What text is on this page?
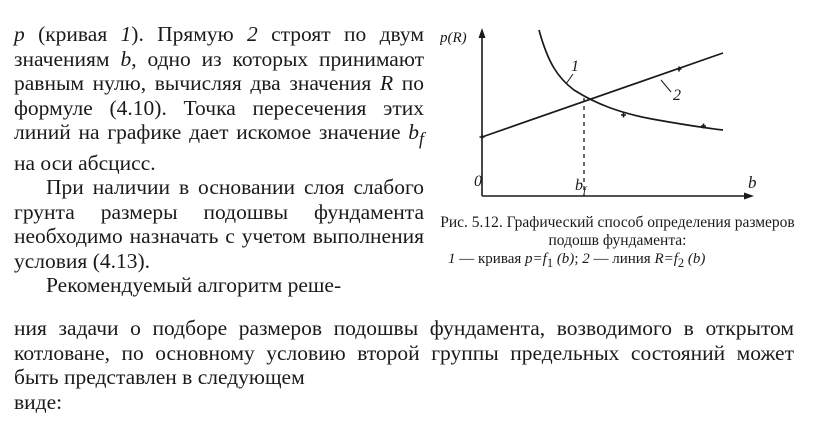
p (кривая 1). Прямую 2 строят по двум значениям b, одно из которых принимают равным нулю, вычисляя два значения R по формуле (4.10). Точка пересечения этих линий на графике дает искомое значение $b_f$ на оси абсцисс.

При наличии в основании слоя слабого грунта размеры подошвы фундамента необходимо назначать с учетом выполнения условия (4.13).

Рекомендуемый алгоритм реше-

p(R)
0	b
1
2
$b_f$
Рис. 5.12. Графический способ определения размеров подошв фундамента:
1 — кривая $p=f_1$ (b); 2 — линия $R=f_2$ (b)

ния задачи о подборе размеров подошвы фундамента, возводимого в открытом котловане, по основному условию второй группы предельных состояний может быть представлен в следующем

виде:
